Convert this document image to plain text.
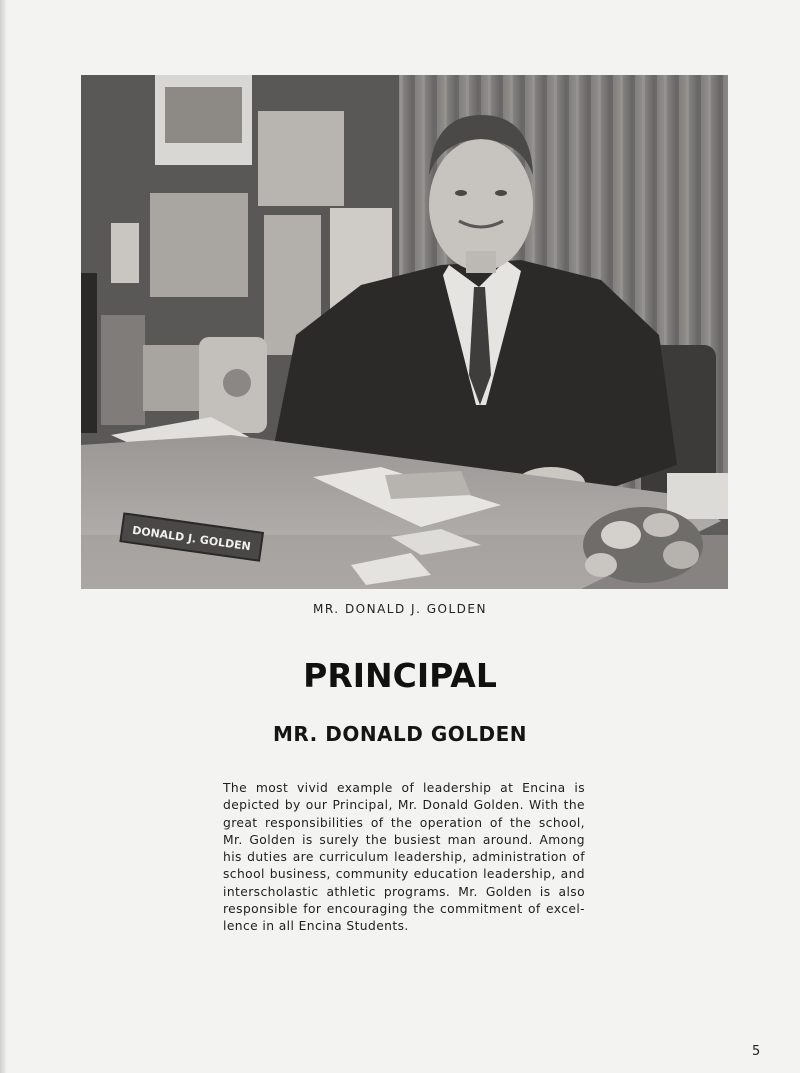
DONALD J. GOLDEN
MR. DONALD J. GOLDEN
PRINCIPAL
MR. DONALD GOLDEN
The most vivid example of leadership at Encina is depicted by our Principal, Mr. Donald Golden. With the great responsibilities of the operation of the school, Mr. Golden is surely the busiest man around. Among his duties are curriculum leadership, administration of school business, community education leadership, and interscholastic athletic programs. Mr. Golden is also responsible for encouraging the commitment of excel-lence in all Encina Students.
5
